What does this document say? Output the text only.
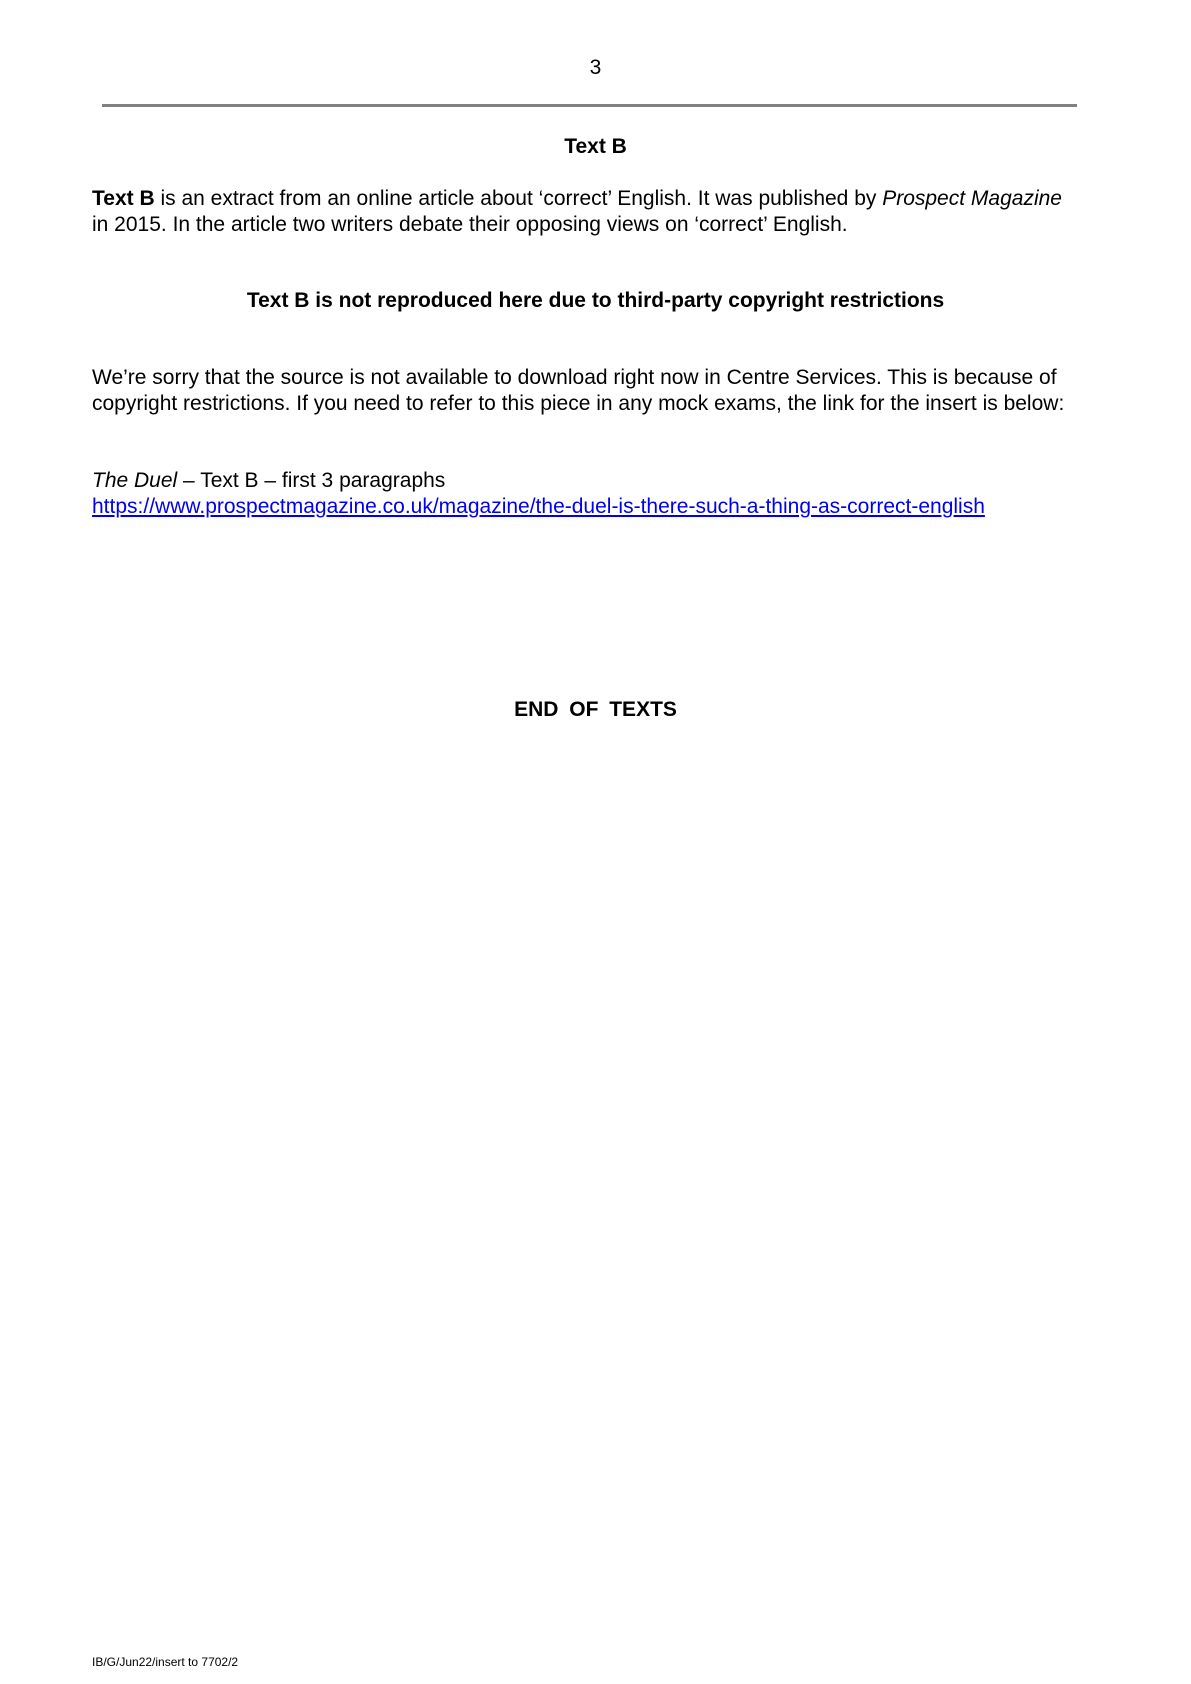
3
Text B
Text B is an extract from an online article about ‘correct’ English. It was published by Prospect Magazine in 2015. In the article two writers debate their opposing views on ‘correct’ English.
Text B is not reproduced here due to third-party copyright restrictions
We’re sorry that the source is not available to download right now in Centre Services. This is because of copyright restrictions. If you need to refer to this piece in any mock exams, the link for the insert is below:
The Duel – Text B – first 3 paragraphs
https://www.prospectmagazine.co.uk/magazine/the-duel-is-there-such-a-thing-as-correct-english
END OF TEXTS
IB/G/Jun22/insert to 7702/2
